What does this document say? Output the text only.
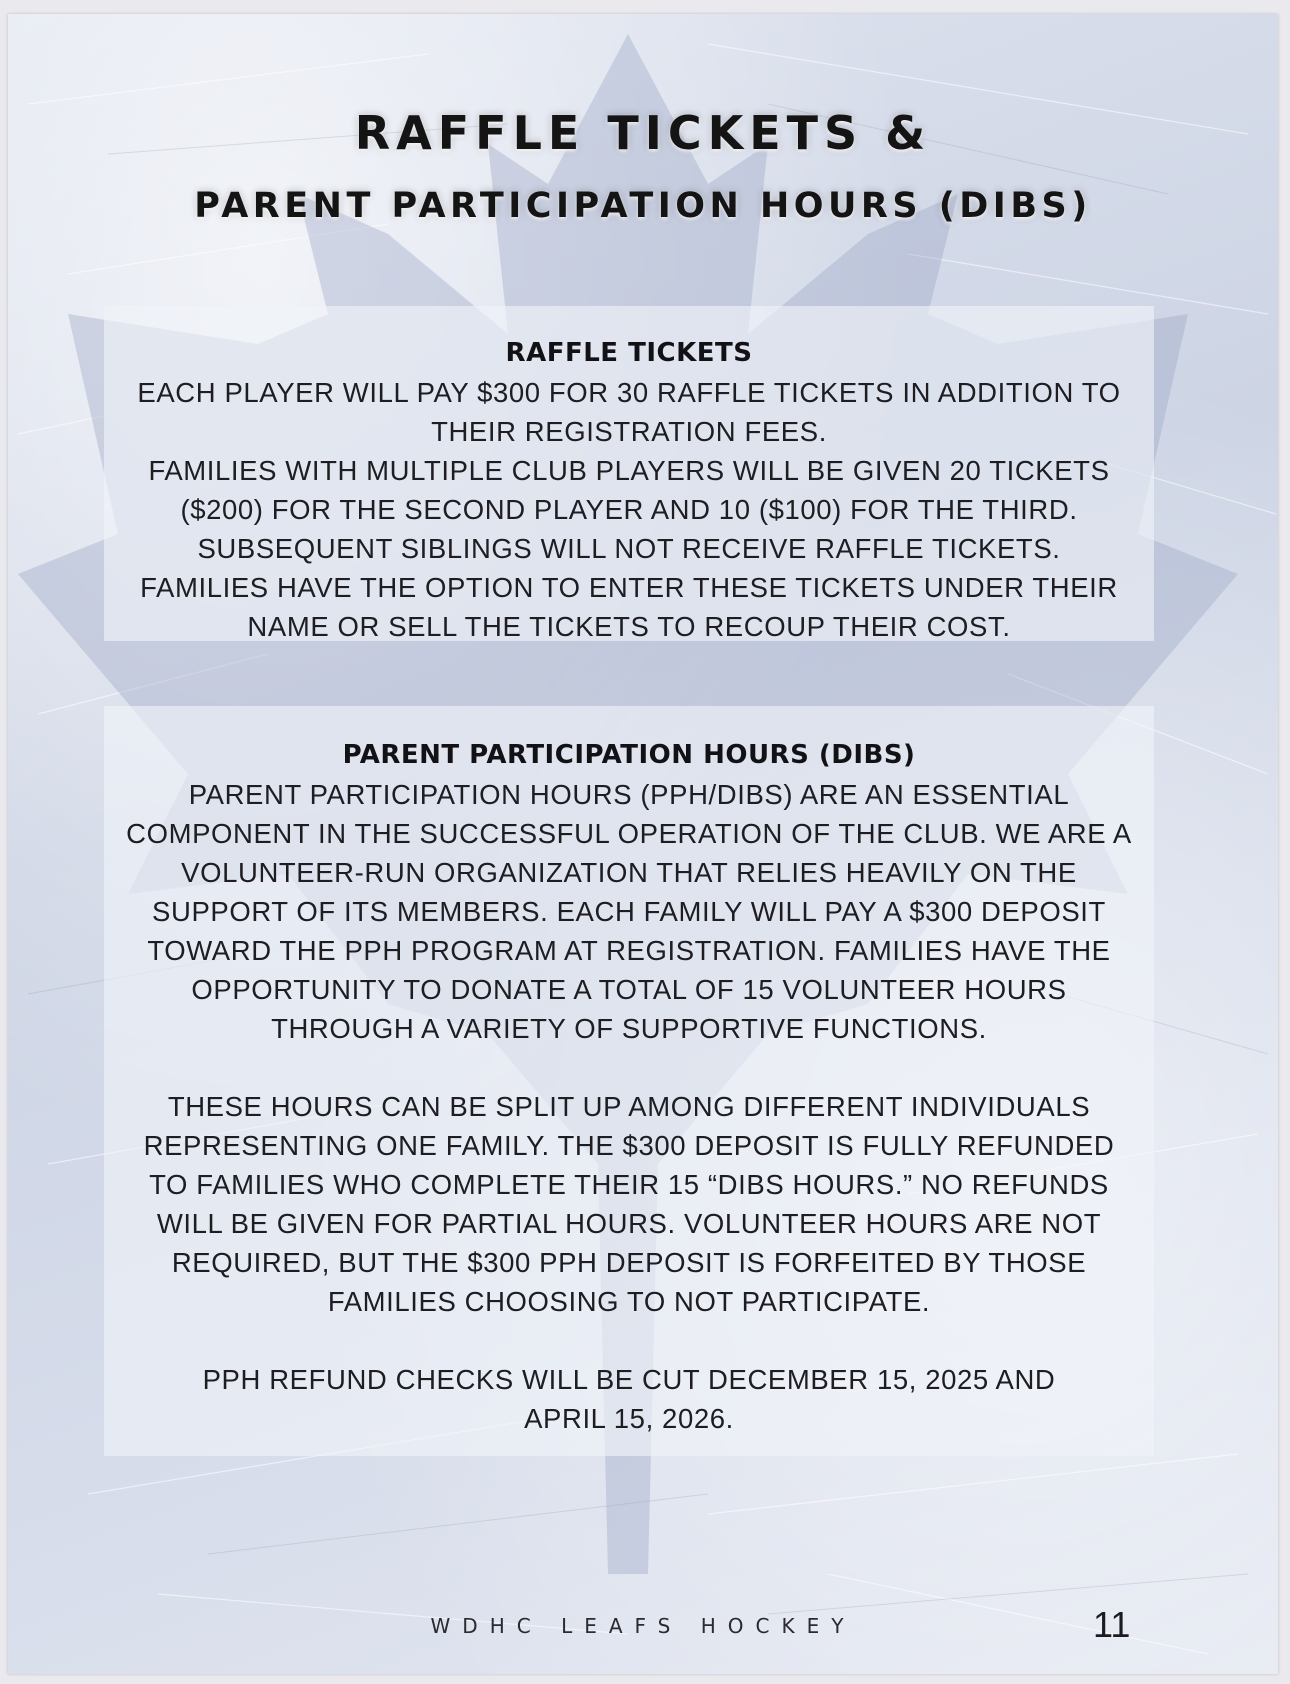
RAFFLE TICKETS &

PARENT PARTICIPATION HOURS (DIBS)

RAFFLE TICKETS

EACH PLAYER WILL PAY $300 FOR 30 RAFFLE TICKETS IN ADDITION TO

THEIR REGISTRATION FEES.

FAMILIES WITH MULTIPLE CLUB PLAYERS WILL BE GIVEN 20 TICKETS

($200) FOR THE SECOND PLAYER AND 10 ($100) FOR THE THIRD.

SUBSEQUENT SIBLINGS WILL NOT RECEIVE RAFFLE TICKETS.

FAMILIES HAVE THE OPTION TO ENTER THESE TICKETS UNDER THEIR

NAME OR SELL THE TICKETS TO RECOUP THEIR COST.

PARENT PARTICIPATION HOURS (DIBS)

PARENT PARTICIPATION HOURS (PPH/DIBS) ARE AN ESSENTIAL

COMPONENT IN THE SUCCESSFUL OPERATION OF THE CLUB. WE ARE A

VOLUNTEER-RUN ORGANIZATION THAT RELIES HEAVILY ON THE

SUPPORT OF ITS MEMBERS. EACH FAMILY WILL PAY A $300 DEPOSIT

TOWARD THE PPH PROGRAM AT REGISTRATION. FAMILIES HAVE THE

OPPORTUNITY TO DONATE A TOTAL OF 15 VOLUNTEER HOURS

THROUGH A VARIETY OF SUPPORTIVE FUNCTIONS.

THESE HOURS CAN BE SPLIT UP AMONG DIFFERENT INDIVIDUALS

REPRESENTING ONE FAMILY. THE $300 DEPOSIT IS FULLY REFUNDED

TO FAMILIES WHO COMPLETE THEIR 15 “DIBS HOURS.” NO REFUNDS

WILL BE GIVEN FOR PARTIAL HOURS. VOLUNTEER HOURS ARE NOT

REQUIRED, BUT THE $300 PPH DEPOSIT IS FORFEITED BY THOSE

FAMILIES CHOOSING TO NOT PARTICIPATE.

PPH REFUND CHECKS WILL BE CUT DECEMBER 15, 2025 AND

APRIL 15, 2026.

WDHC LEAFS HOCKEY	11
